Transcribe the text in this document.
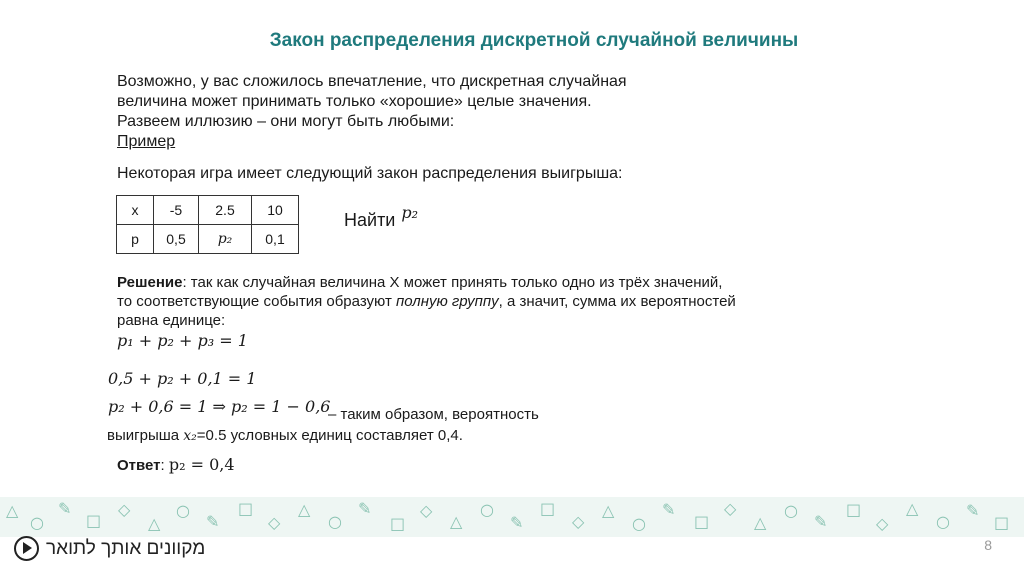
Закон распределения дискретной случайной величины
Возможно, у вас сложилось впечатление, что дискретная случайная
величина может принимать только «хорошие» целые значения.
Развеем иллюзию – они могут быть любыми:
Пример
Некоторая игра имеет следующий закон распределения выигрыша:
x	-5	2.5	10
p	0,5	p₂	0,1
Найти p₂
Решение: так как случайная величина X может принять только одно из трёх значений, то соответствующие события образуют полную группу, а значит, сумма их вероятностей равна единице:
p₁ + p₂ + p₃ = 1
0,5 + p₂ + 0,1 = 1
p₂ + 0,6 = 1 ⇒ p₂ = 1 − 0,6
– таким образом, вероятность
выигрыша x₂=0.5 условных единиц составляет 0,4.
Ответ: p₂ = 0,4
△
○
✎
□
◇
△
○
✎
□
◇
△
○
✎
□
◇
△
○
✎
□
◇
△
○
✎
□
◇
△
○
✎
□
◇
△
○
✎
□
מקוונים אותך לתואר	8
